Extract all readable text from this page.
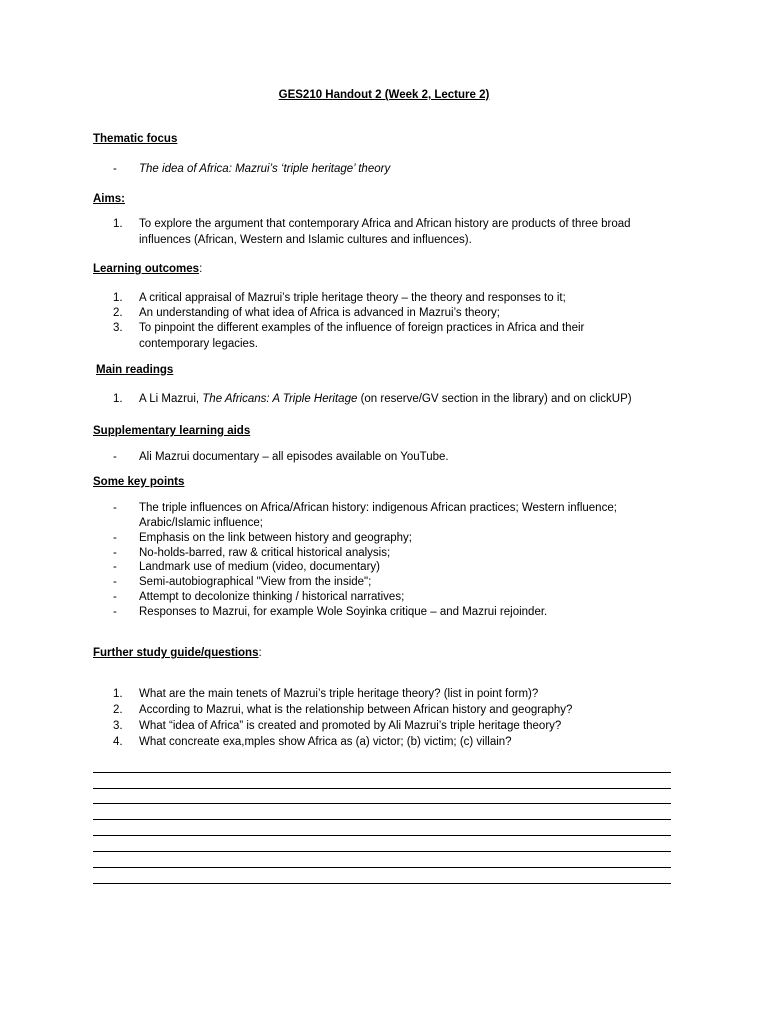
GES210 Handout 2 (Week 2, Lecture 2)
Thematic focus
- The idea of Africa: Mazrui’s ‘triple heritage’ theory
Aims:
1. To explore the argument that contemporary Africa and African history are products of three broad
influences (African, Western and Islamic cultures and influences).
Learning outcomes:
1. A critical appraisal of Mazrui’s triple heritage theory – the theory and responses to it;
2. An understanding of what idea of Africa is advanced in Mazrui’s theory;
3. To pinpoint the different examples of the influence of foreign practices in Africa and their
contemporary legacies.
Main readings
1. A Li Mazrui, The Africans: A Triple Heritage (on reserve/GV section in the library) and on clickUP)
Supplementary learning aids
- Ali Mazrui documentary – all episodes available on YouTube.
Some key points
- The triple influences on Africa/African history: indigenous African practices; Western influence;
Arabic/Islamic influence;
- Emphasis on the link between history and geography;
- No-holds-barred, raw & critical historical analysis;
- Landmark use of medium (video, documentary)
- Semi-autobiographical "View from the inside";
- Attempt to decolonize thinking / historical narratives;
- Responses to Mazrui, for example Wole Soyinka critique – and Mazrui rejoinder.
Further study guide/questions:
1. What are the main tenets of Mazrui’s triple heritage theory? (list in point form)?
2. According to Mazrui, what is the relationship between African history and geography?
3. What “idea of Africa” is created and promoted by Ali Mazrui’s triple heritage theory?
4. What concreate exa,mples show Africa as (a) victor; (b) victim; (c) villain?
